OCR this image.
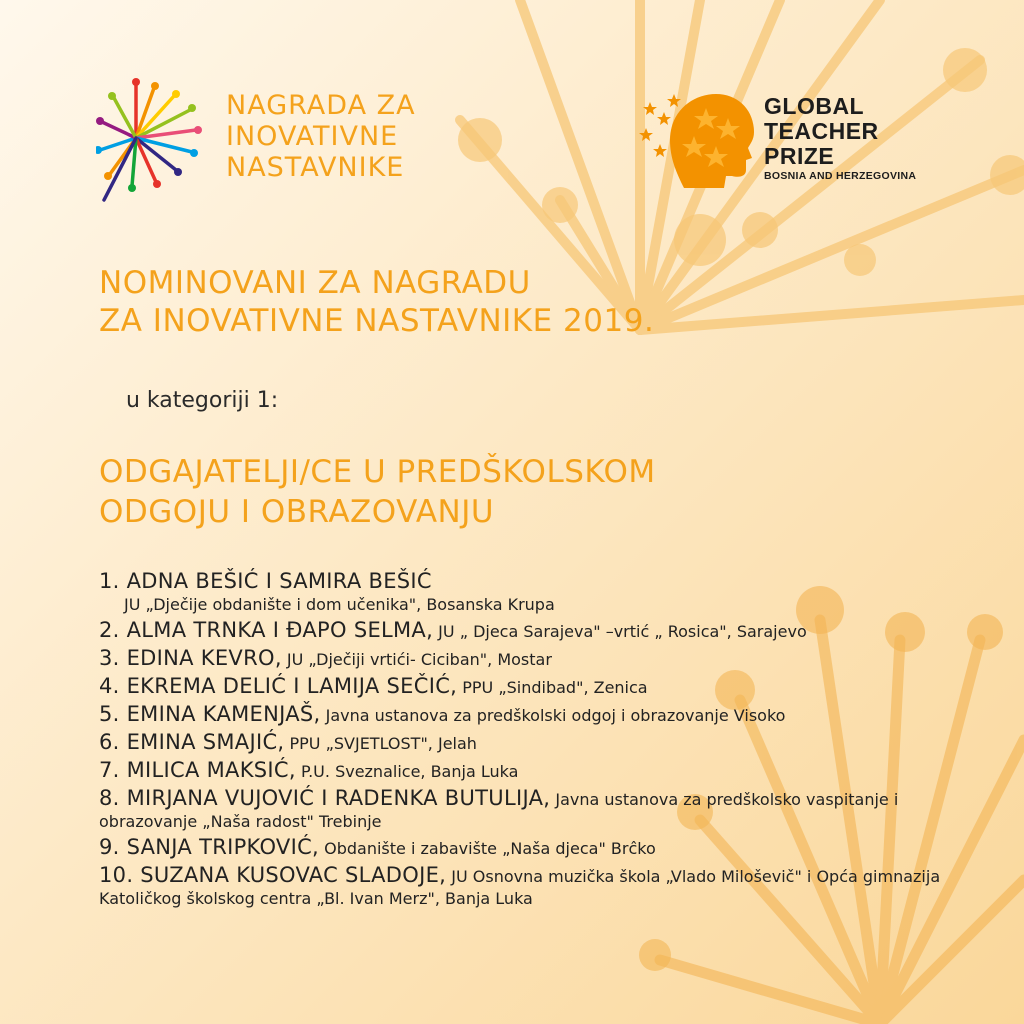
NAGRADA ZA
INOVATIVNE
NASTAVNIKE
GLOBAL
TEACHER
PRIZE
BOSNIA AND HERZEGOVINA
NOMINOVANI ZA NAGRADU
ZA INOVATIVNE NASTAVNIKE 2019.

u kategoriji 1:

ODGAJATELJI/CE U PREDŠKOLSKOM
ODGOJU I OBRAZOVANJU
1. ADNA BEŠIĆ I SAMIRA BEŠIĆ
JU „Dječije obdanište i dom učenika", Bosanska Krupa
2. ALMA TRNKA I ĐAPO SELMA, JU „ Djeca Sarajeva" –vrtić „ Rosica", Sarajevo
3. EDINA KEVRO, JU „Dječiji vrtići- Ciciban", Mostar
4. EKREMA DELIĆ I LAMIJA SEČIĆ, PPU „Sindibad", Zenica
5. EMINA KAMENJAŠ, Javna ustanova za predškolski odgoj i obrazovanje Visoko
6. EMINA SMAJIĆ, PPU „SVJETLOST", Jelah
7. MILICA MAKSIĆ, P.U. Sveznalice, Banja Luka
8. MIRJANA VUJOVIĆ I RADENKA BUTULIJA, Javna ustanova za predškolsko vaspitanje i obrazovanje „Naša radost" Trebinje
9. SANJA TRIPKOVIĆ, Obdanište i zabavište „Naša djeca" Brĉko
10. SUZANA KUSOVAC SLADOJE, JU Osnovna muzička škola „Vlado Miloševič" i Opća gimnazija Katoličkog školskog centra „Bl. Ivan Merz", Banja Luka
